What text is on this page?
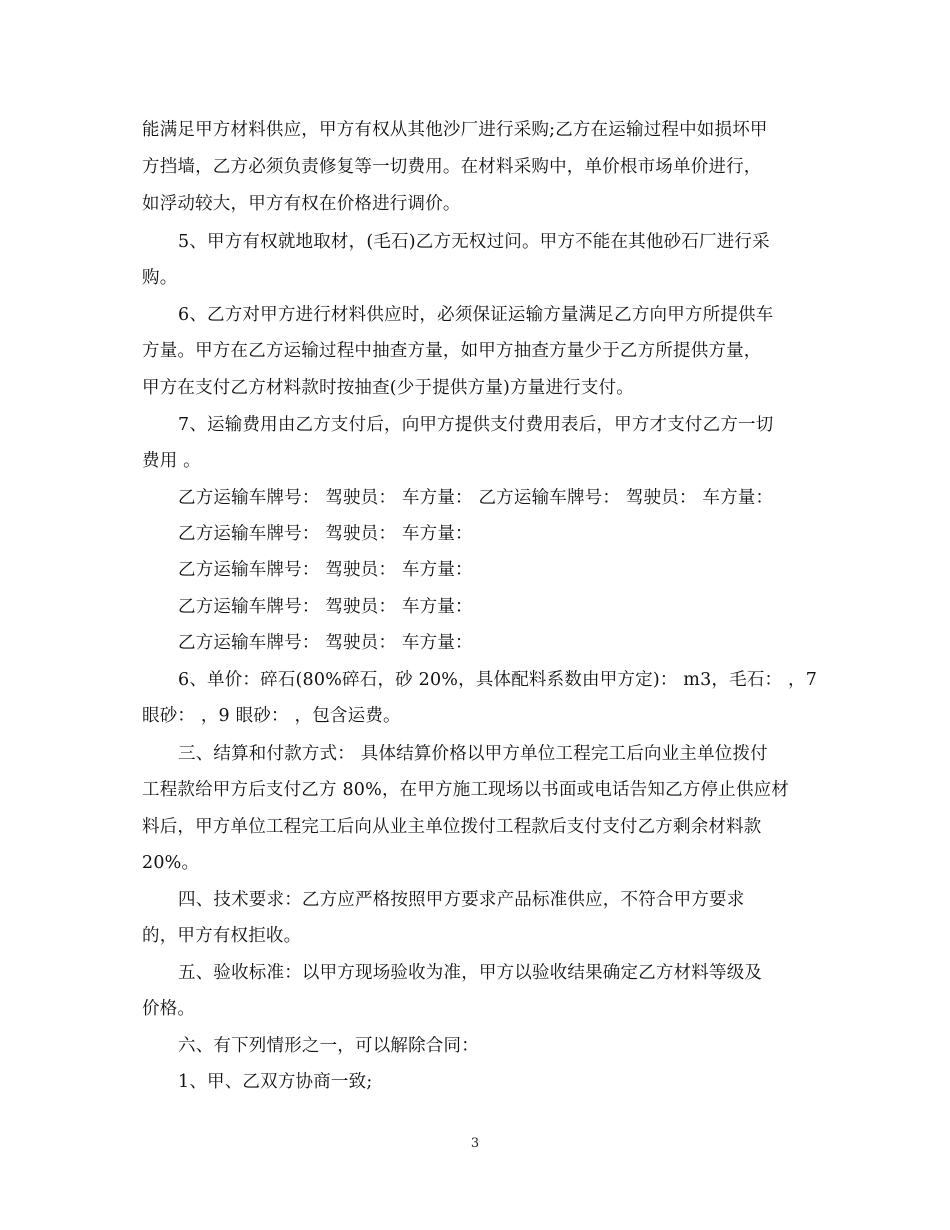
能满足甲方材料供应，甲方有权从其他沙厂进行采购;乙方在运输过程中如损坏甲
方挡墙，乙方必须负责修复等一切费用。在材料采购中，单价根市场单价进行，
如浮动较大，甲方有权在价格进行调价。
5、甲方有权就地取材，(毛石)乙方无权过问。甲方不能在其他砂石厂进行采
购。
6、乙方对甲方进行材料供应时，必须保证运输方量满足乙方向甲方所提供车
方量。甲方在乙方运输过程中抽查方量，如甲方抽查方量少于乙方所提供方量，
甲方在支付乙方材料款时按抽查(少于提供方量)方量进行支付。
7、运输费用由乙方支付后，向甲方提供支付费用表后，甲方才支付乙方一切
费用 。
乙方运输车牌号： 驾驶员： 车方量： 乙方运输车牌号： 驾驶员： 车方量：
乙方运输车牌号： 驾驶员： 车方量：
乙方运输车牌号： 驾驶员： 车方量：
乙方运输车牌号： 驾驶员： 车方量：
乙方运输车牌号： 驾驶员： 车方量：
6、单价：碎石(80%碎石，砂 20%，具体配料系数由甲方定)： m3，毛石： ，7
眼砂： ，9 眼砂： ，包含运费。
三、结算和付款方式： 具体结算价格以甲方单位工程完工后向业主单位拨付
工程款给甲方后支付乙方 80%，在甲方施工现场以书面或电话告知乙方停止供应材
料后，甲方单位工程完工后向从业主单位拨付工程款后支付支付乙方剩余材料款
20%。
四、技术要求：乙方应严格按照甲方要求产品标准供应，不符合甲方要求
的，甲方有权拒收。
五、验收标准：以甲方现场验收为准，甲方以验收结果确定乙方材料等级及
价格。
六、有下列情形之一，可以解除合同：
1、甲、乙双方协商一致;
3
